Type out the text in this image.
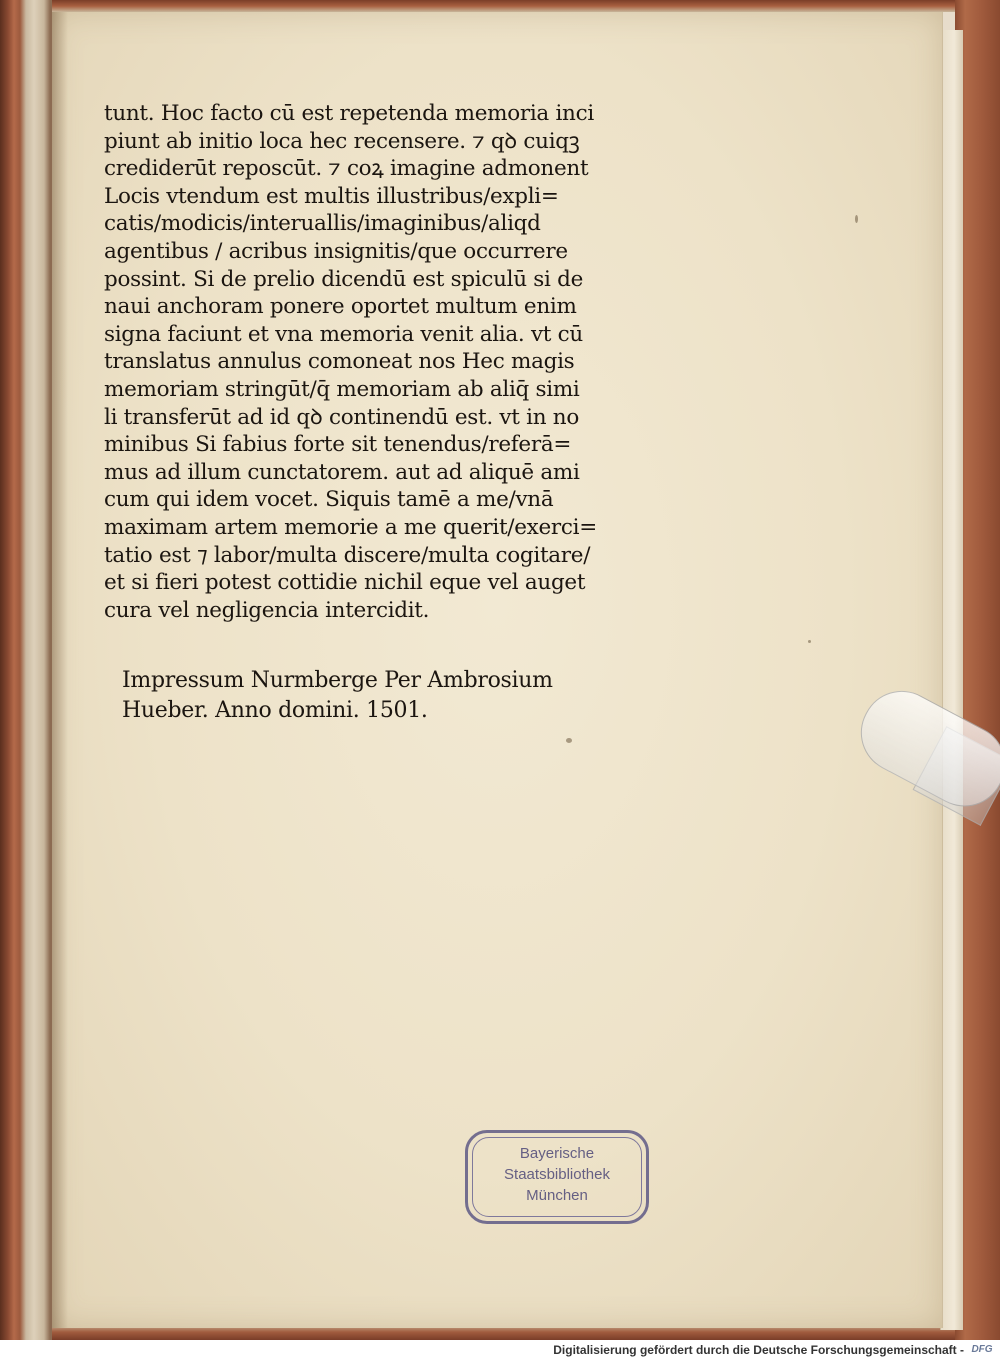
tunt. Hoc facto cū est repetenda memoria inci
piunt ab initio loca hec recensere. ⁊ qꝺ cuiqꝫ
crediderūt reposcūt. ⁊ coꝝ imagine admonent
Locis vtendum est multis illustribus/expli=
catis/modicis/interuallis/imaginibus/aliqd
agentibus / acribus insignitis/que occurrere
possint. Si de prelio dicendū est spiculū si de
naui anchoram ponere oportet multum enim
signa faciunt et vna memoria venit alia. vt cū
translatus annulus comoneat nos Hec magis
memoriam stringūt/q̄ memoriam ab aliq̄ simi
li transferūt ad id qꝺ continendū est. vt in no
minibus Si fabius forte sit tenendus/referā=
mus ad illum cunctatorem. aut ad aliquē ami
cum qui idem vocet. Siquis tamē a me/vnā
maximam artem memorie a me querit/exerci=
tatio est ⁊ labor/multa discere/multa cogitare/
et si fieri potest cottidie nichil eque vel auget
cura vel negligencia intercidit.
Impressum Nurmberge Per Ambrosium
Hueber. Anno domini. 1501.
Bayerische
Staatsbibliothek
München
Digitalisierung gefördert durch die Deutsche Forschungsgemeinschaft - DFG
